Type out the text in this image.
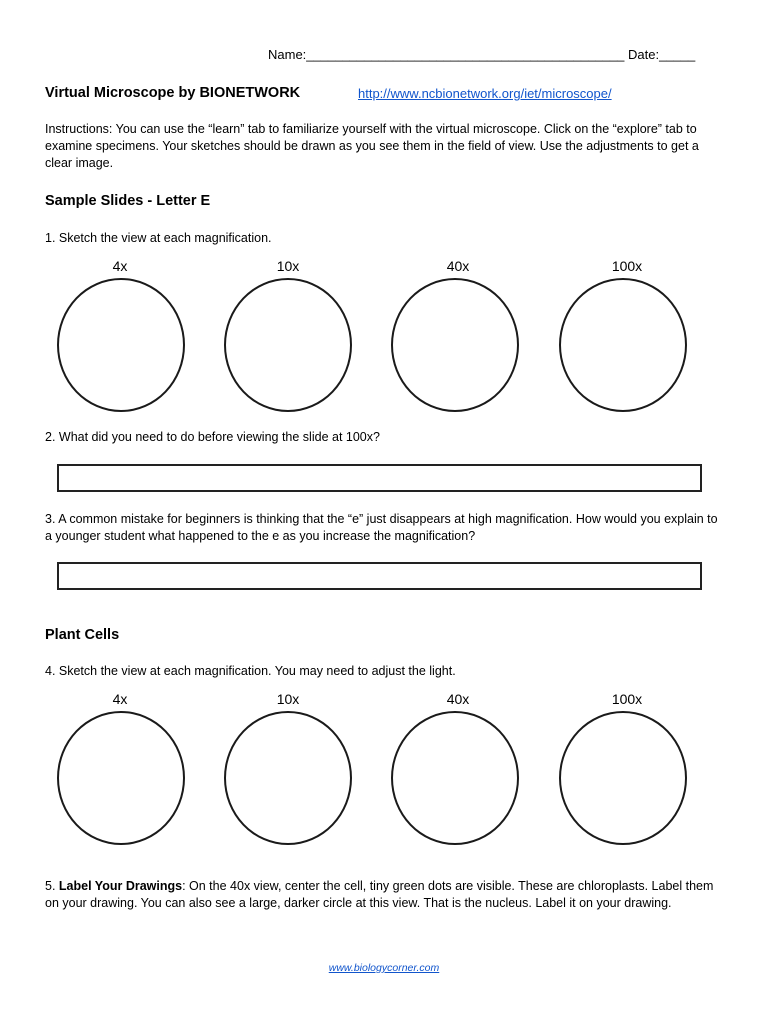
Name:____________________________________________ Date:_____
Virtual Microscope by BIONETWORK	http://www.ncbionetwork.org/iet/microscope/
Instructions: You can use the “learn” tab to familiarize yourself with the virtual microscope. Click on the “explore” tab to examine specimens. Your sketches should be drawn as you see them in the field of view. Use the adjustments to get a clear image.
Sample Slides - Letter E
1. Sketch the view at each magnification.
4x	10x	40x	100x
2. What did you need to do before viewing the slide at 100x?
3. A common mistake for beginners is thinking that the “e” just disappears at high magnification. How would you explain to a younger student what happened to the e as you increase the magnification?
Plant Cells
4. Sketch the view at each magnification. You may need to adjust the light.
4x	10x	40x	100x
5. Label Your Drawings: On the 40x view, center the cell, tiny green dots are visible. These are chloroplasts. Label them on your drawing. You can also see a large, darker circle at this view. That is the nucleus. Label it on your drawing.
www.biologycorner.com
